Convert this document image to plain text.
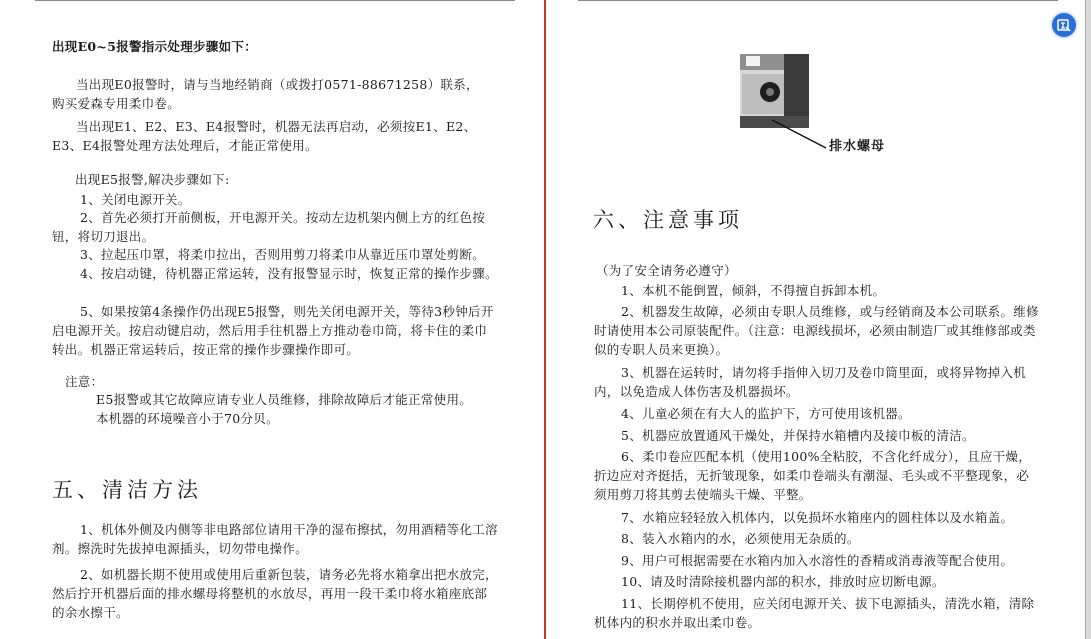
出现E0~5报警指示处理步骤如下：
当出现E0报警时，请与当地经销商（或拨打0571-88671258）联系，购买爱森专用柔巾卷。
当出现E1、E2、E3、E4报警时，机器无法再启动，必须按E1、E2、E3、E4报警处理方法处理后，才能正常使用。
出现E5报警,解决步骤如下:
1、关闭电源开关。
2、首先必须打开前侧板，开电源开关。按动左边机架内侧上方的红色按钮，将切刀退出。
3、拉起压巾罩，将柔巾拉出，否则用剪刀将柔巾从靠近压巾罩处剪断。
4、按启动键，待机器正常运转，没有报警显示时，恢复正常的操作步骤。
5、如果按第4条操作仍出现E5报警，则先关闭电源开关，等待3秒钟后开启电源开关。按启动键启动，然后用手往机器上方推动卷巾筒，将卡住的柔巾转出。机器正常运转后，按正常的操作步骤操作即可。
注意：
E5报警或其它故障应请专业人员维修，排除故障后才能正常使用。
本机器的环境噪音小于70分贝。
五、清洁方法
1、机体外侧及内侧等非电路部位请用干净的湿布擦拭，勿用酒精等化工溶剂。擦洗时先拔掉电源插头，切勿带电操作。
2、如机器长期不使用或使用后重新包装，请务必先将水箱拿出把水放完，然后拧开机器后面的排水螺母将整机的水放尽，再用一段干柔巾将水箱座底部的余水擦干。
排水螺母
六、注意事项
（为了安全请务必遵守）
1、本机不能倒置，倾斜，不得擅自拆卸本机。
2、机器发生故障，必须由专职人员维修，或与经销商及本公司联系。维修时请使用本公司原装配件。（注意：电源线损坏，必须由制造厂或其维修部或类似的专职人员来更换）。
3、机器在运转时，请勿将手指伸入切刀及卷巾筒里面，或将异物掉入机内，以免造成人体伤害及机器损坏。
4、儿童必须在有大人的监护下，方可使用该机器。
5、机器应放置通风干燥处，并保持水箱槽内及接巾板的清洁。
6、柔巾卷应匹配本机（使用100%全粘胶，不含化纤成分），且应干燥，折边应对齐挺括，无折皱现象，如柔巾卷端头有潮湿、毛头或不平整现象，必须用剪刀将其剪去使端头干燥、平整。
7、水箱应轻轻放入机体内，以免损坏水箱座内的圆柱体以及水箱盖。
8、装入水箱内的水，必须使用无杂质的。
9、用户可根据需要在水箱内加入水溶性的香精或消毒液等配合使用。
10、请及时清除接机器内部的积水，排放时应切断电源。
11、长期停机不使用，应关闭电源开关、拔下电源插头，清洗水箱，清除机体内的积水并取出柔巾卷。
